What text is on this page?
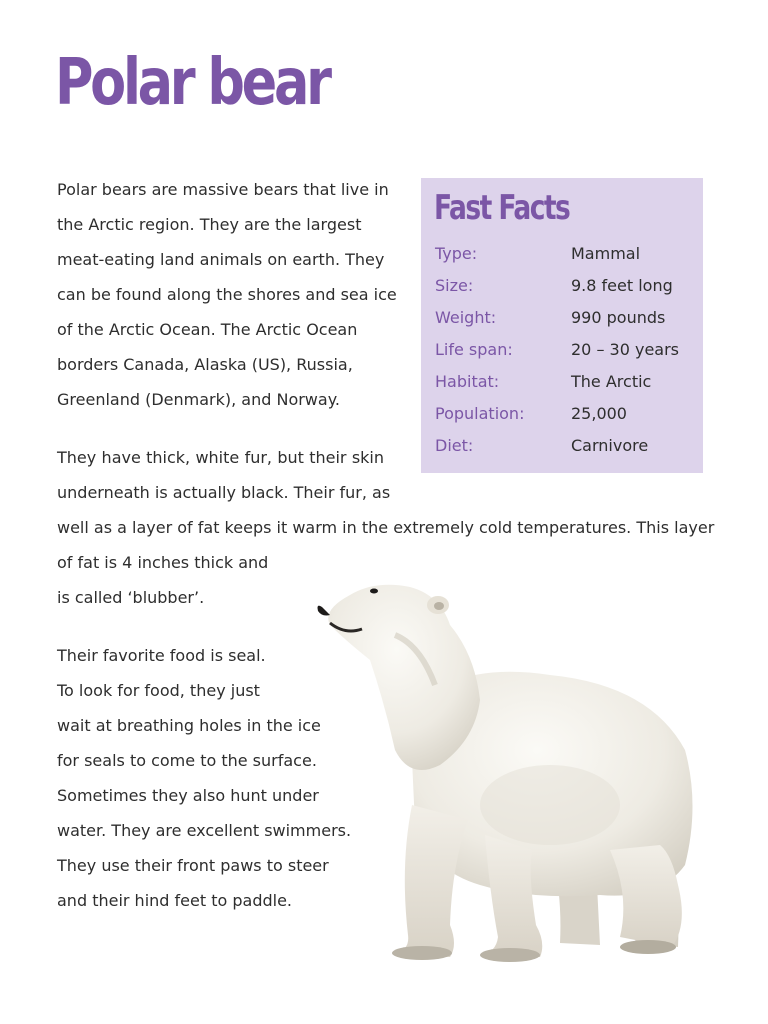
Polar bear

Polar bears are massive bears that live in
the Arctic region. They are the largest
meat-eating land animals on earth. They
can be found along the shores and sea ice
of the Arctic Ocean. The Arctic Ocean
borders Canada, Alaska (US), Russia,
Greenland (Denmark), and Norway.

They have thick, white fur, but their skin
underneath is actually black. Their fur, as

well as a layer of fat keeps it warm in the extremely cold temperatures. This layer

of fat is 4 inches thick and
is called ‘blubber’.

Their favorite food is seal.
To look for food, they just
wait at breathing holes in the ice
for seals to come to the surface.
Sometimes they also hunt under
water. They are excellent swimmers.
They use their front paws to steer
and their hind feet to paddle.

Fast Facts
Type:	Mammal
Size:	9.8 feet long
Weight:	990 pounds
Life span:	20 – 30 years
Habitat:	The Arctic
Population:	25,000
Diet:	Carnivore
